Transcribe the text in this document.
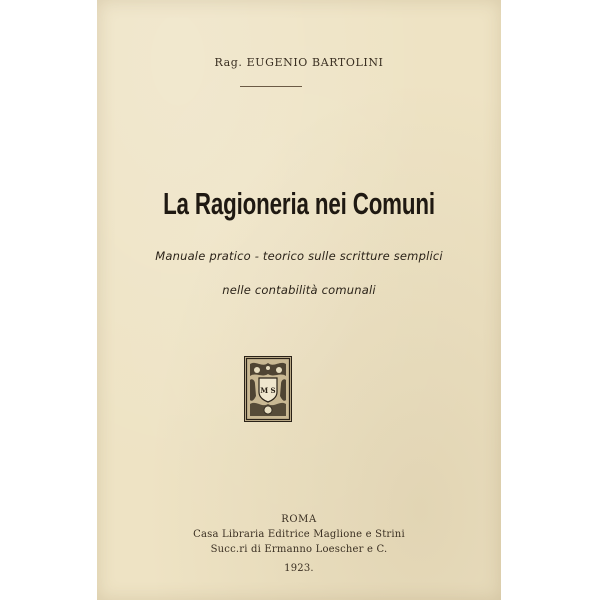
Rag. EUGENIO BARTOLINI
La Ragioneria nei Comuni
Manuale pratico - teorico sulle scritture semplici
nelle contabilità comunali
M S
ROMA
Casa Libraria Editrice Maglione e Strini
Succ.ri di Ermanno Loescher e C.
1923.
